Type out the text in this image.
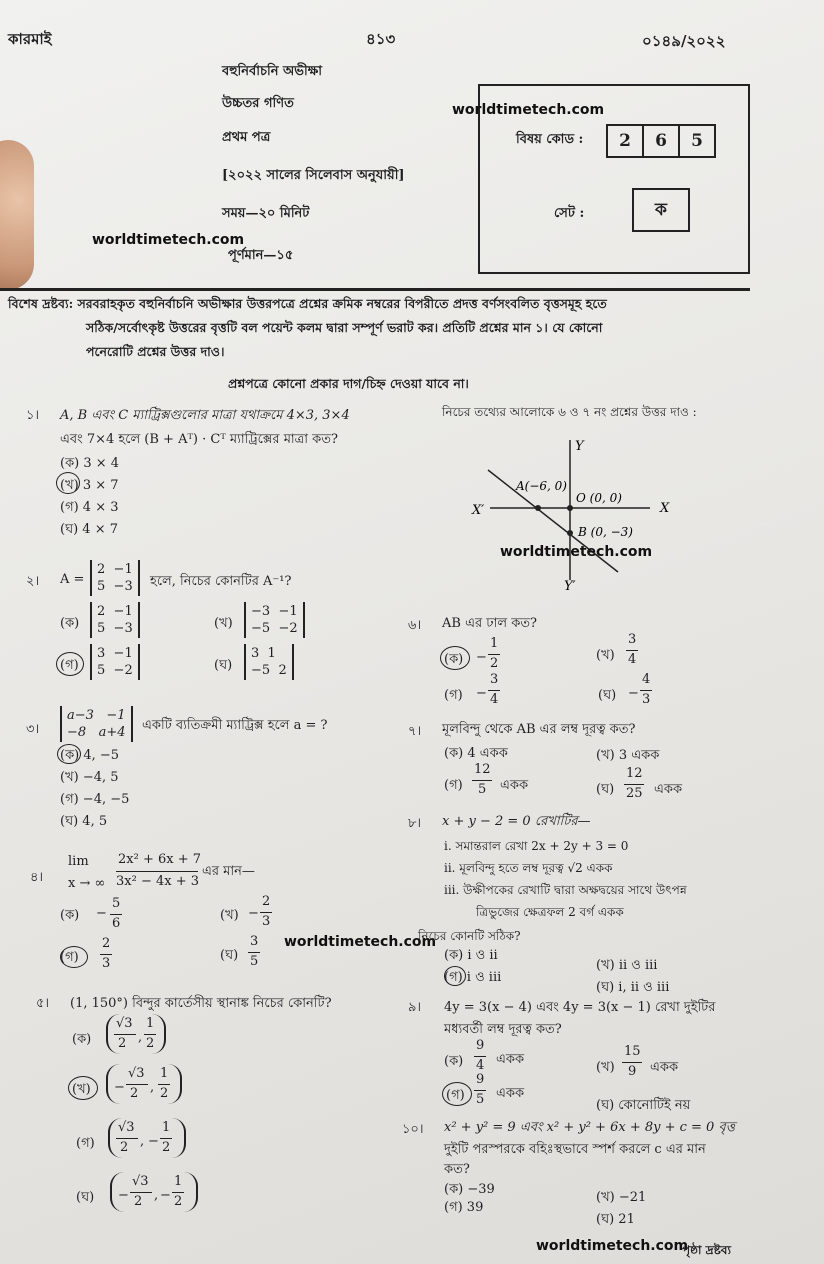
কারমাই	৪১৩	০১৪৯/২০২২
বহুনির্বাচনি অভীক্ষা
উচ্চতর গণিত
প্রথম পত্র
[২০২২ সালের সিলেবাস অনুযায়ী]
সময়—২০ মিনিট
পূর্ণমান—১৫
বিষয় কোড :	2	6	5
সেট :	ক
worldtimetech.com
worldtimetech.com
বিশেষ দ্রষ্টব্য: সরবরাহকৃত বহুনির্বাচনি অভীক্ষার উত্তরপত্রে প্রশ্নের ক্রমিক নম্বরের বিপরীতে প্রদত্ত বর্ণসংবলিত বৃত্তসমূহ হতে
সঠিক/সর্বোৎকৃষ্ট উত্তরের বৃত্তটি বল পয়েন্ট কলম দ্বারা সম্পূর্ণ ভরাট কর। প্রতিটি প্রশ্নের মান ১। যে কোনো
পনেরোটি প্রশ্নের উত্তর দাও।
প্রশ্নপত্রে কোনো প্রকার দাগ/চিহ্ন দেওয়া যাবে না।
১। A, B এবং C ম্যাট্রিক্সগুলোর মাত্রা যথাক্রমে 4×3, 3×4
এবং 7×4 হলে (B + Aᵀ) · Cᵀ ম্যাট্রিক্সের মাত্রা কত?
(ক) 3 × 4
(খ) 3 × 7
(গ) 4 × 3
(ঘ) 4 × 7
২। A =
2 −1
5 −3	হলে, নিচের কোনটির A⁻¹?
(ক)
2 −1
5 −3	(খ)
−3 −1
−5 −2
(গ)
3 −1
5 −2	(ঘ)
3 1
−5 2
৩।
a−3 −1
−8 a+4	একটি ব্যতিক্রমী ম্যাট্রিক্স হলে a = ?
(ক) 4, −5
(খ) −4, 5
(গ) −4, −5
(ঘ) 4, 5
৪।
lim
x → ∞
2x² + 6x + 7
3x² − 4x + 3
এর মান—
(ক) −
5
6
(খ) −
2
3
(গ)
2
3
(ঘ)
3
5
worldtimetech.com
৫। (1, 150°) বিন্দুর কার্তেসীয় স্থানাঙ্ক নিচের কোনটি?
(ক)
√3
2 ,
1
2
(খ) −
√3
2 ,
1
2
(গ)
√3
2 , −
1
2
(ঘ) −
√3
2 , −
1
2
নিচের তথ্যের আলোকে ৬ ও ৭ নং প্রশ্নের উত্তর দাও :
Y
X
X′
Y′
A(−6, 0)
O (0, 0)
B (0, −3)
worldtimetech.com
৬। AB এর ঢাল কত?
(ক) −
1
2
(খ)
3
4
(গ) −
3
4	(ঘ) −
4
3
৭। মূলবিন্দু থেকে AB এর লম্ব দূরত্ব কত?
(ক) 4 একক	(খ) 3 একক
(গ)
12
5 একক	(ঘ)
12
25 একক
৮। x + y − 2 = 0 রেখাটির—
i. সমান্তরাল রেখা 2x + 2y + 3 = 0
ii. মূলবিন্দু হতে লম্ব দূরত্ব √2 একক
iii. উক্ষীপকের রেখাটি দ্বারা অক্ষদ্বয়ের সাথে উৎপন্ন
ত্রিভুজের ক্ষেত্রফল 2 বর্গ একক
নিচের কোনটি সঠিক?
(ক) i ও ii
(খ) ii ও iii
(গ) i ও iii
(ঘ) i, ii ও iii
৯। 4y = 3(x − 4) এবং 4y = 3(x − 1) রেখা দুইটির
মধ্যবর্তী লম্ব দূরত্ব কত?
(ক)
9
4 একক
(খ)
15
9 একক
(গ)
9
5 একক
(ঘ) কোনোটিই নয়
১০। x² + y² = 9 এবং x² + y² + 6x + 8y + c = 0 বৃত্ত
দুইটি পরস্পরকে বহিঃস্থভাবে স্পর্শ করলে c এর মান
কত?
(ক) −39
(খ) −21
(গ) 39
(ঘ) 21
worldtimetech.com
পৃষ্ঠা দ্রষ্টব্য
